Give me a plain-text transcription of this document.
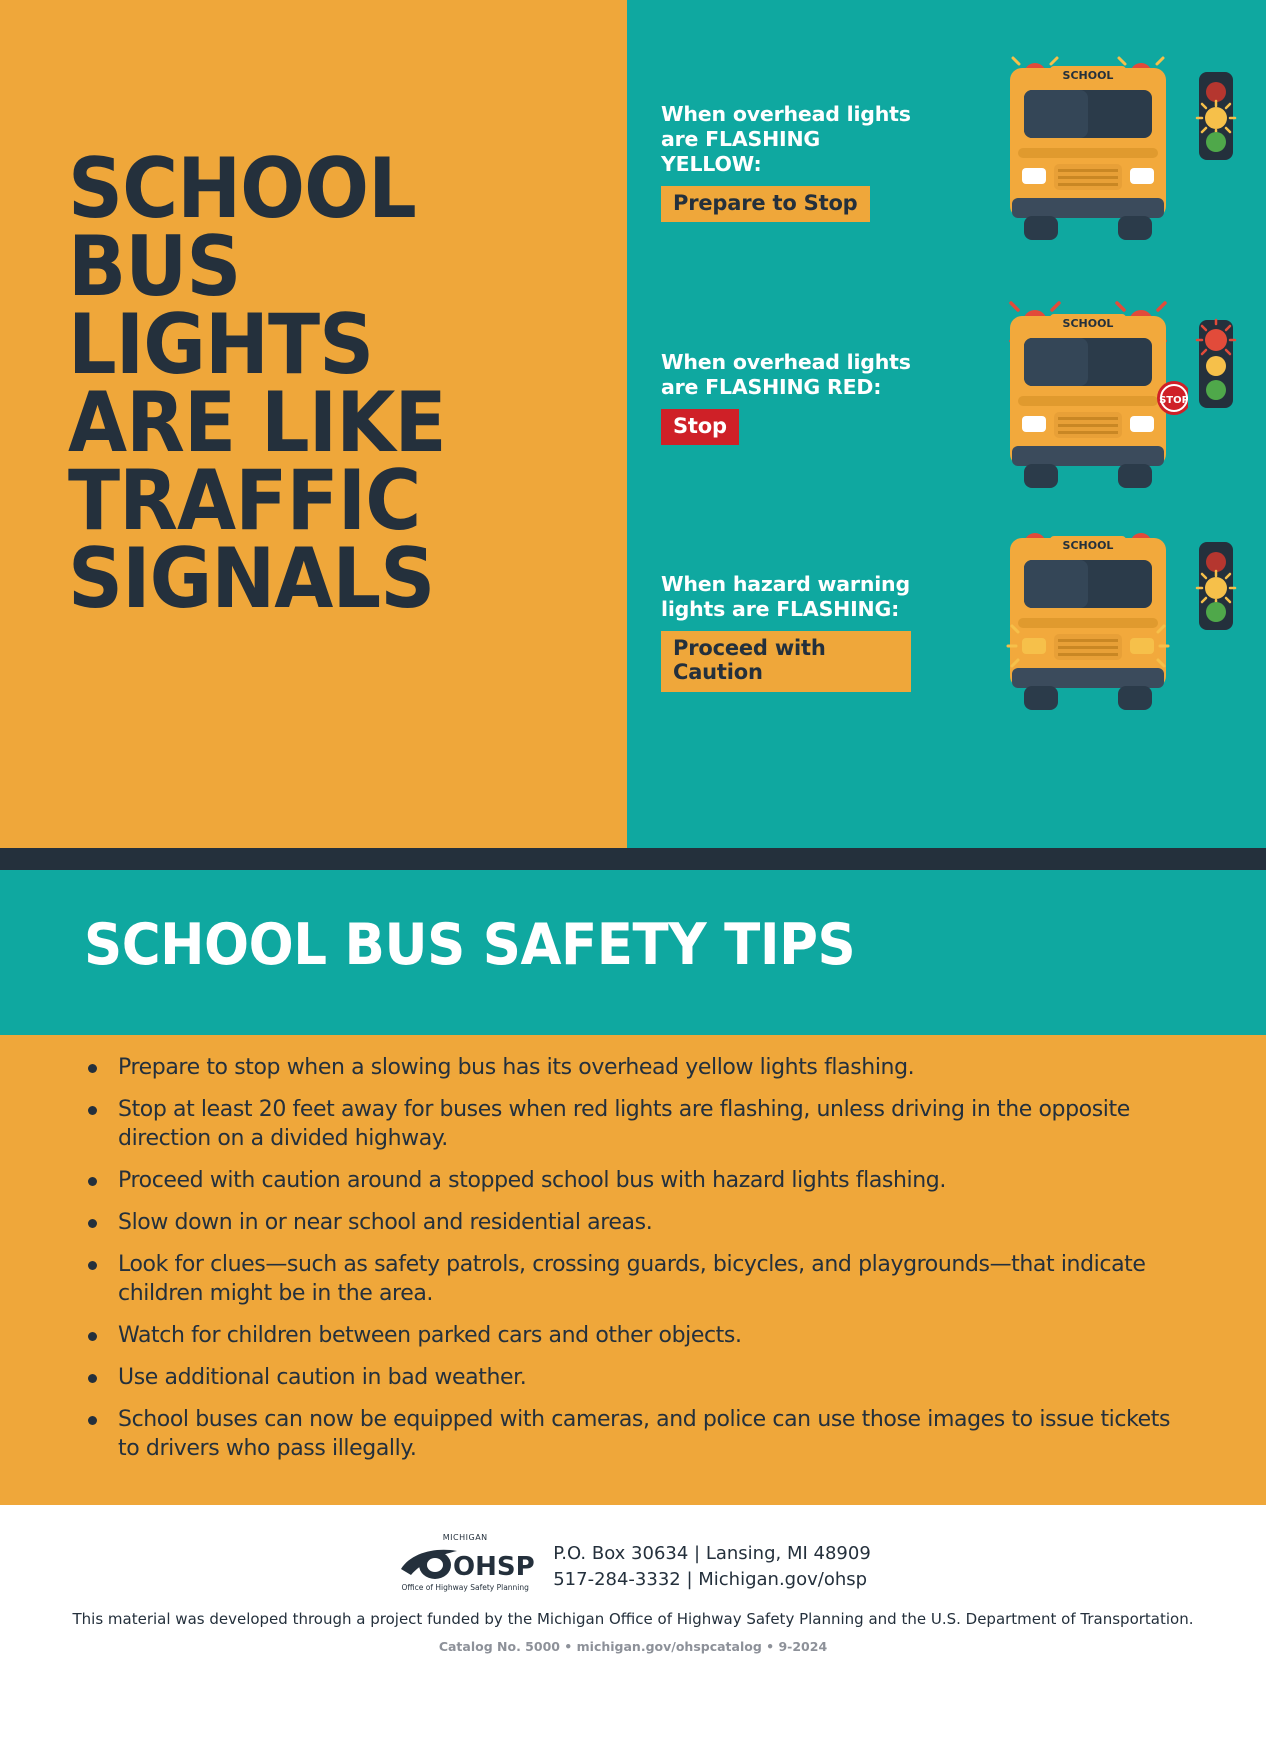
SCHOOL BUS LIGHTS ARE LIKE TRAFFIC SIGNALS
When overhead lights are FLASHING YELLOW:
Prepare to Stop
SCHOOL
When overhead lights are FLASHING RED:
Stop
SCHOOL
STOP
When hazard warning lights are FLASHING:
Proceed with Caution
SCHOOL
SCHOOL BUS SAFETY TIPS
Prepare to stop when a slowing bus has its overhead yellow lights flashing.
Stop at least 20 feet away for buses when red lights are flashing, unless driving in the opposite direction on a divided highway.
Proceed with caution around a stopped school bus with hazard lights flashing.
Slow down in or near school and residential areas.
Look for clues—such as safety patrols, crossing guards, bicycles, and playgrounds—that indicate children might be in the area.
Watch for children between parked cars and other objects.
Use additional caution in bad weather.
School buses can now be equipped with cameras, and police can use those images to issue tickets to drivers who pass illegally.
MICHIGAN
OHSP
Office of Highway Safety Planning
P.O. Box 30634 | Lansing, MI 48909
517-284-3332 | Michigan.gov/ohsp
This material was developed through a project funded by the Michigan Office of Highway Safety Planning and the U.S. Department of Transportation.
Catalog No. 5000 • michigan.gov/ohspcatalog • 9-2024
